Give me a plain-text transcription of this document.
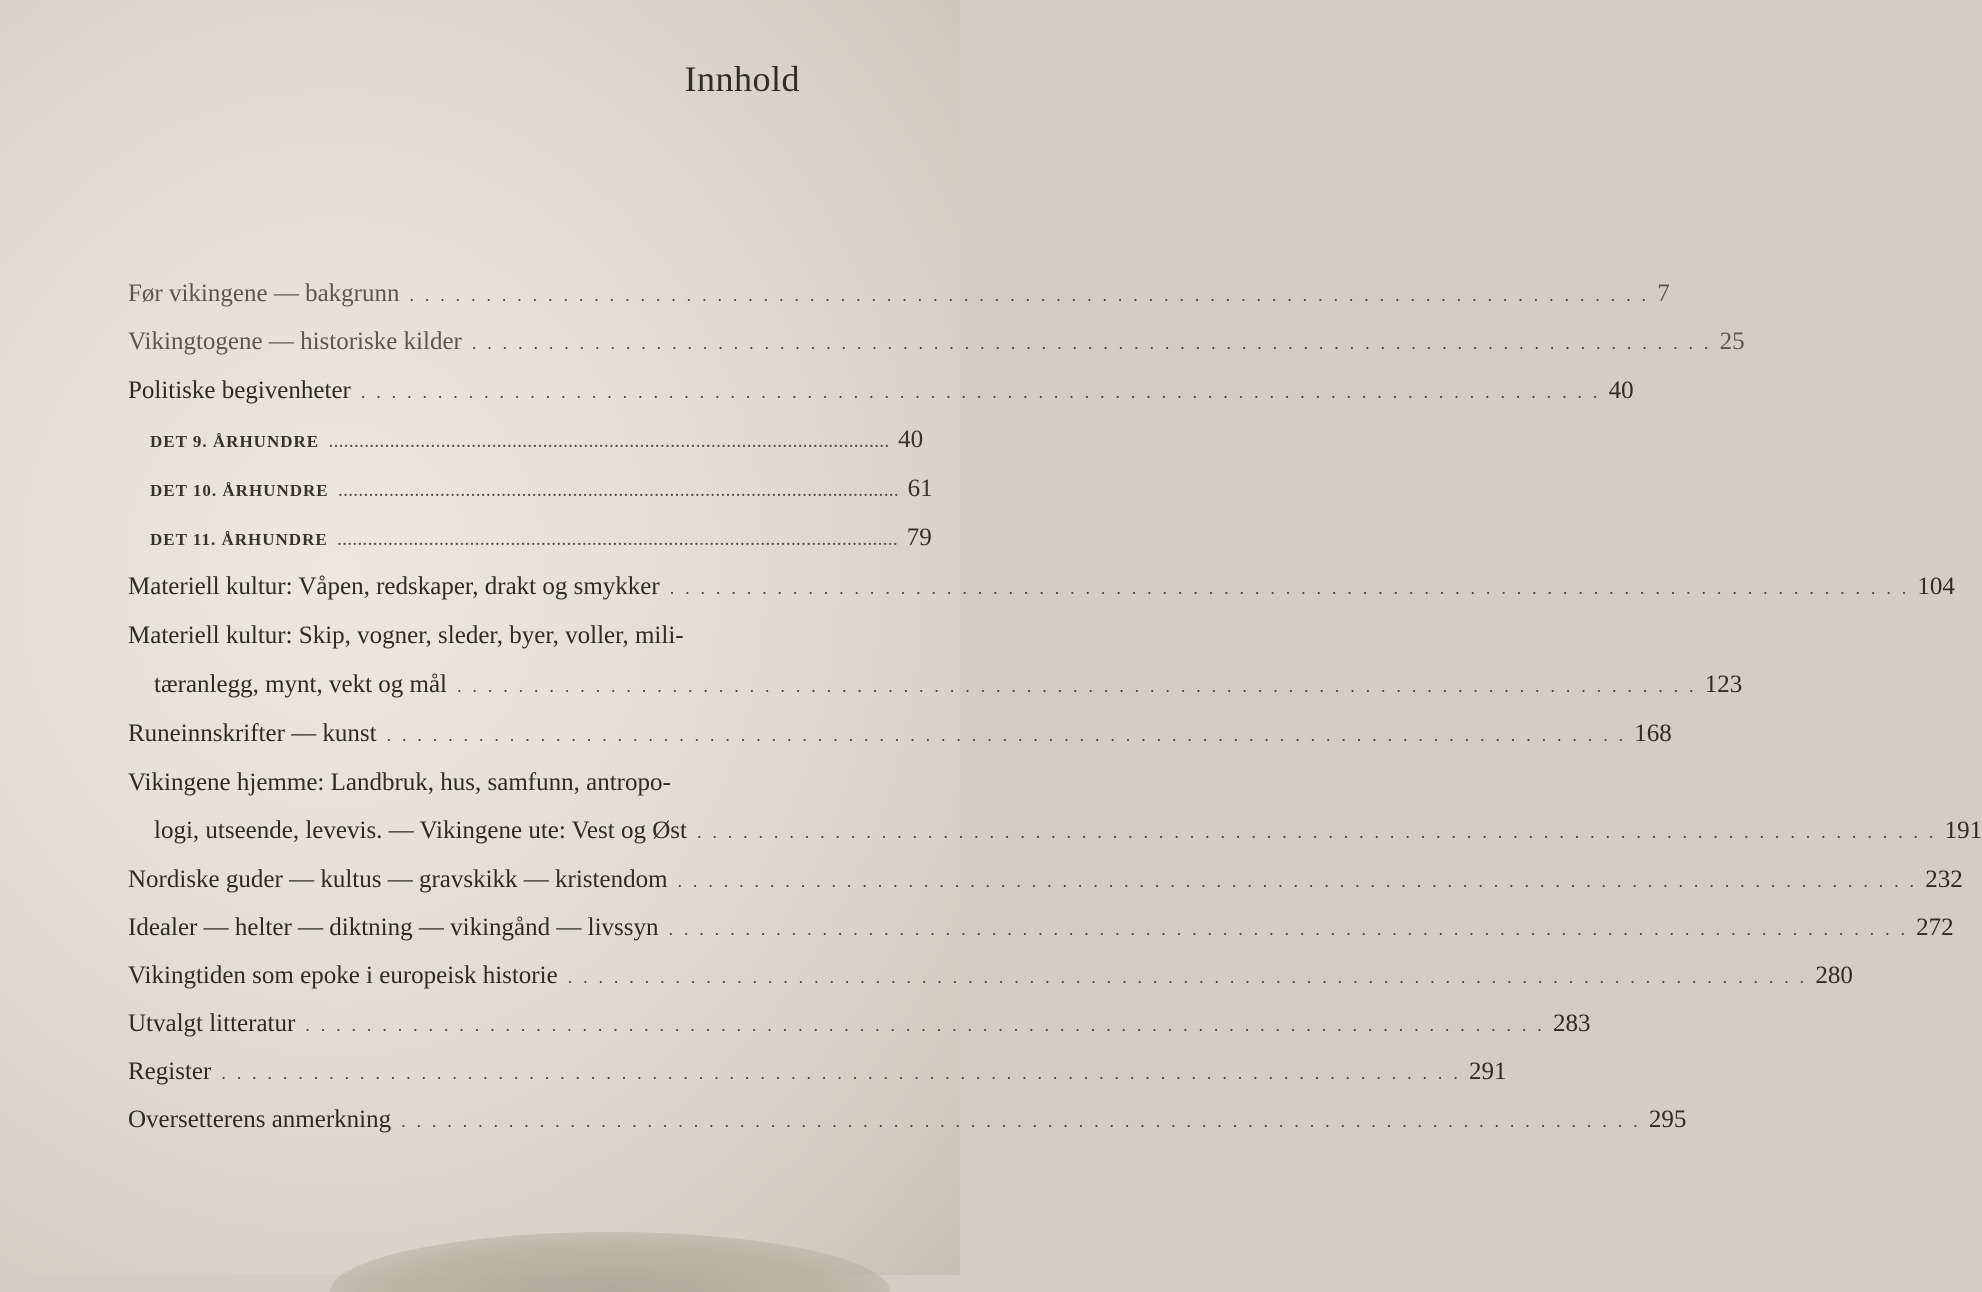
Innhold
Før vikingene — bakgrunn . . . . . . . . . . . . . . . . . . . . . . . . . . . . . . . . . . . . . . . . . . . . . . . . . . . . . . . . . . . . . . . . . . . . . . . . . . . . . . . . . 7
Vikingtogene — historiske kilder . . . . . . . . . . . . . . . . . . . . . . . . . . . . . . . . . . . . . . . . . . . . . . . . . . . . . . . . . . . . . . . . . . . . . . . . . . . . . . . . . 25
Politiske begivenheter . . . . . . . . . . . . . . . . . . . . . . . . . . . . . . . . . . . . . . . . . . . . . . . . . . . . . . . . . . . . . . . . . . . . . . . . . . . . . . . . . 40
DET 9. ÅRHUNDRE .............................................................................................................. 40
DET 10. ÅRHUNDRE .............................................................................................................. 61
DET 11. ÅRHUNDRE .............................................................................................................. 79
Materiell kultur: Våpen, redskaper, drakt og smykker . . . . . . . . . . . . . . . . . . . . . . . . . . . . . . . . . . . . . . . . . . . . . . . . . . . . . . . . . . . . . . . . . . . . . . . . . . . . . . . . . 104
Materiell kultur: Skip, vogner, sleder, byer, voller, mili-
tæranlegg, mynt, vekt og mål . . . . . . . . . . . . . . . . . . . . . . . . . . . . . . . . . . . . . . . . . . . . . . . . . . . . . . . . . . . . . . . . . . . . . . . . . . . . . . . . . 123
Runeinnskrifter — kunst . . . . . . . . . . . . . . . . . . . . . . . . . . . . . . . . . . . . . . . . . . . . . . . . . . . . . . . . . . . . . . . . . . . . . . . . . . . . . . . . . 168
Vikingene hjemme: Landbruk, hus, samfunn, antropo-
logi, utseende, levevis. — Vikingene ute: Vest og Øst . . . . . . . . . . . . . . . . . . . . . . . . . . . . . . . . . . . . . . . . . . . . . . . . . . . . . . . . . . . . . . . . . . . . . . . . . . . . . . . . . 191
Nordiske guder — kultus — gravskikk — kristendom . . . . . . . . . . . . . . . . . . . . . . . . . . . . . . . . . . . . . . . . . . . . . . . . . . . . . . . . . . . . . . . . . . . . . . . . . . . . . . . . . 232
Idealer — helter — diktning — vikingånd — livssyn . . . . . . . . . . . . . . . . . . . . . . . . . . . . . . . . . . . . . . . . . . . . . . . . . . . . . . . . . . . . . . . . . . . . . . . . . . . . . . . . . 272
Vikingtiden som epoke i europeisk historie . . . . . . . . . . . . . . . . . . . . . . . . . . . . . . . . . . . . . . . . . . . . . . . . . . . . . . . . . . . . . . . . . . . . . . . . . . . . . . . . . 280
Utvalgt litteratur . . . . . . . . . . . . . . . . . . . . . . . . . . . . . . . . . . . . . . . . . . . . . . . . . . . . . . . . . . . . . . . . . . . . . . . . . . . . . . . . . 283
Register . . . . . . . . . . . . . . . . . . . . . . . . . . . . . . . . . . . . . . . . . . . . . . . . . . . . . . . . . . . . . . . . . . . . . . . . . . . . . . . . . 291
Oversetterens anmerkning . . . . . . . . . . . . . . . . . . . . . . . . . . . . . . . . . . . . . . . . . . . . . . . . . . . . . . . . . . . . . . . . . . . . . . . . . . . . . . . . . 295
